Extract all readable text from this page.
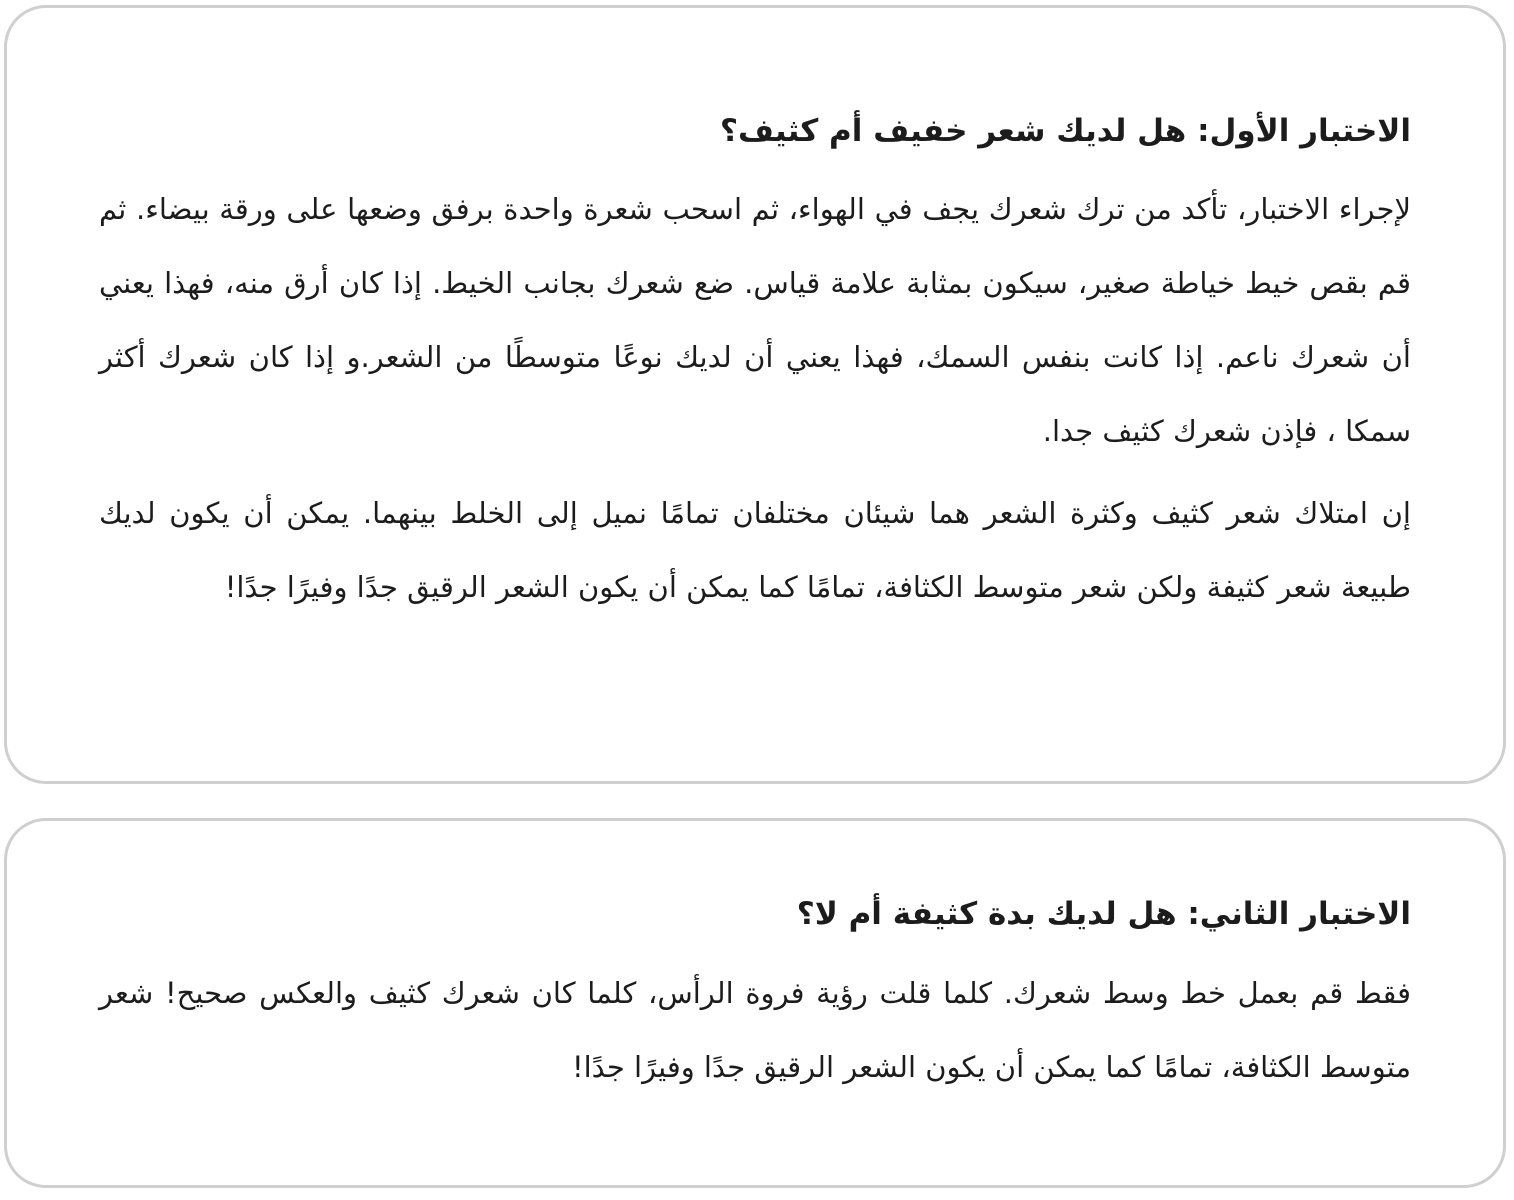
الاختبار الأول: هل لديك شعر خفيف أم كثيف؟

لإجراء الاختبار، تأكد من ترك شعرك يجف في الهواء، ثم اسحب شعرة واحدة برفق وضعها على ورقة بيضاء. ثم قم بقص خيط خياطة صغير، سيكون بمثابة علامة قياس. ضع شعرك بجانب الخيط. إذا كان أرق منه، فهذا يعني أن شعرك ناعم. إذا كانت بنفس السمك، فهذا يعني أن لديك نوعًا متوسطًا من الشعر.و إذا كان شعرك أكثر سمكا ، فإذن شعرك كثيف جدا.

إن امتلاك شعر كثيف وكثرة الشعر هما شيئان مختلفان تمامًا نميل إلى الخلط بينهما. يمكن أن يكون لديك طبيعة شعر كثيفة ولكن شعر متوسط الكثافة، تمامًا كما يمكن أن يكون الشعر الرقيق جدًا وفيرًا جدًا!

الاختبار الثاني: هل لديك بدة كثيفة أم لا؟

فقط قم بعمل خط وسط شعرك. كلما قلت رؤية فروة الرأس، كلما كان شعرك كثيف والعكس صحيح! شعر متوسط الكثافة، تمامًا كما يمكن أن يكون الشعر الرقيق جدًا وفيرًا جدًا!
